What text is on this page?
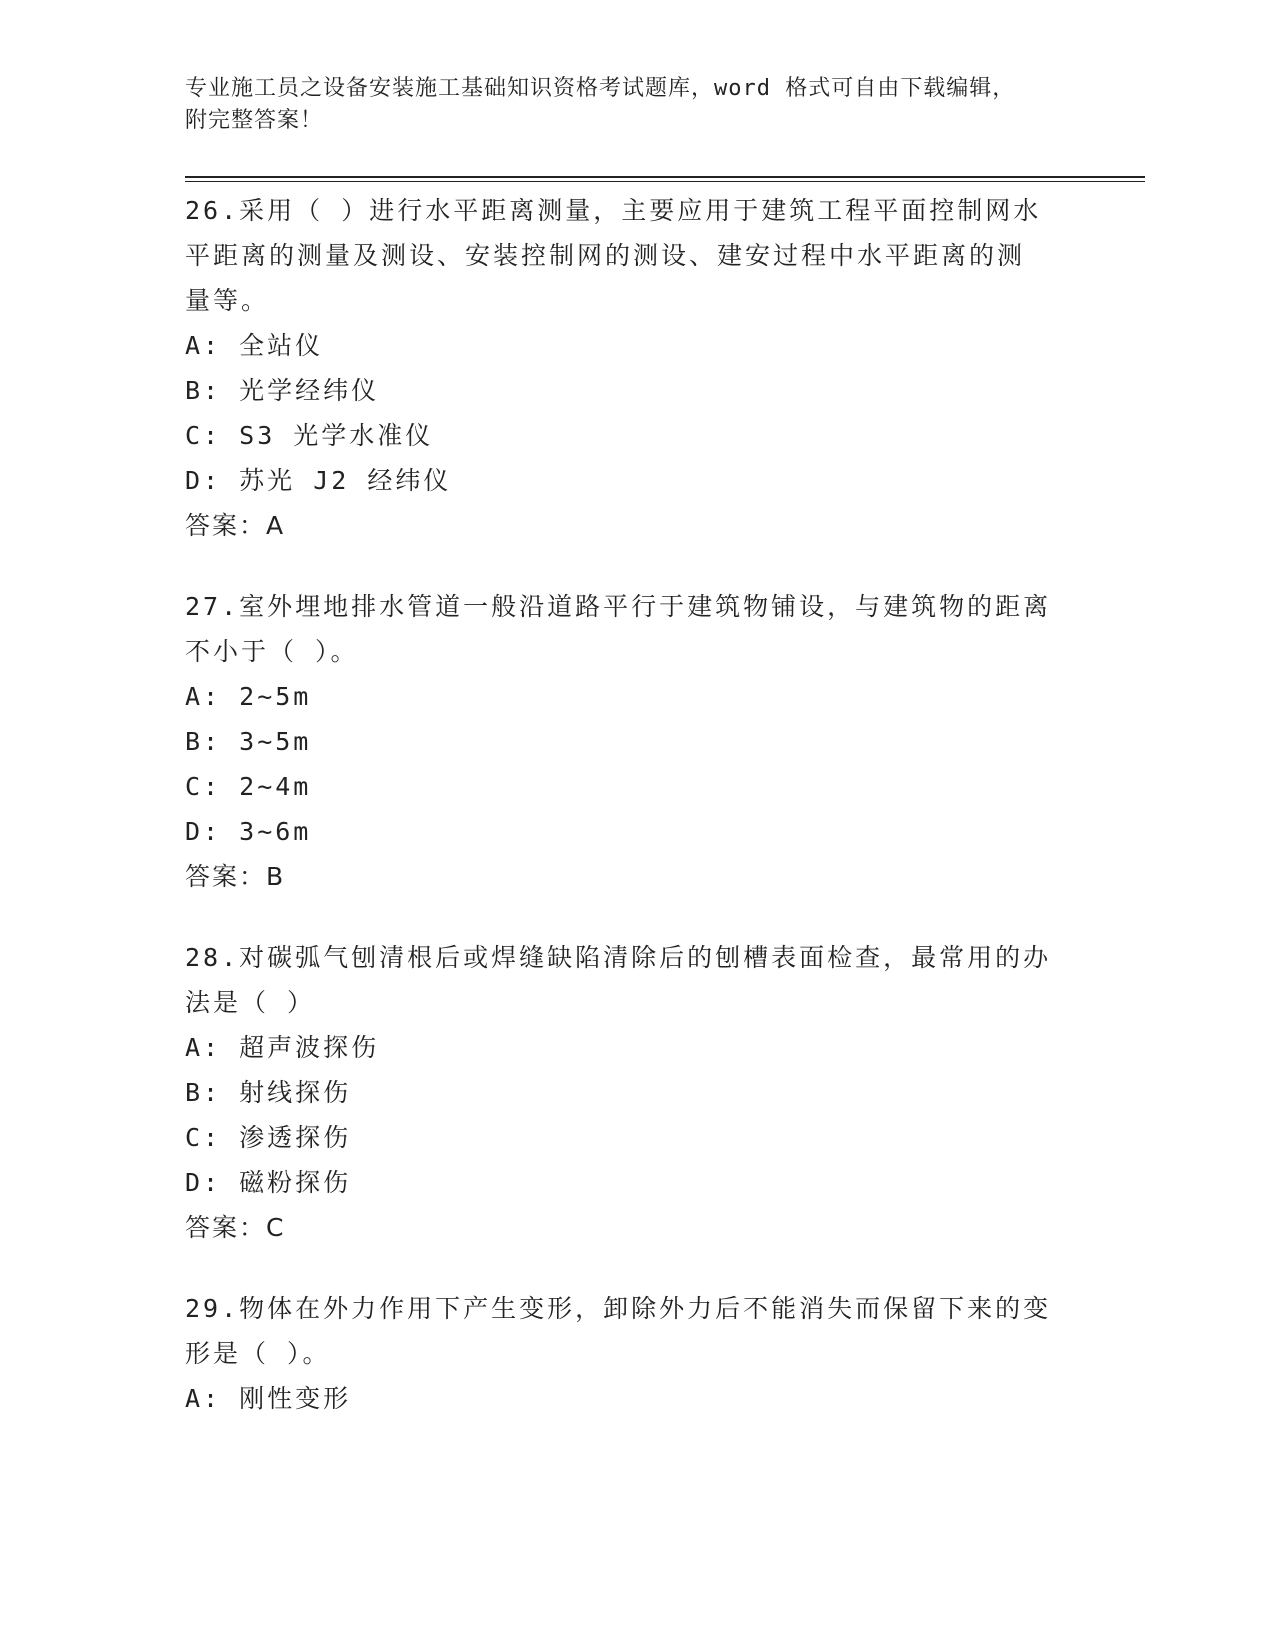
专业施工员之设备安装施工基础知识资格考试题库，word 格式可自由下载编辑，
附完整答案！
26.采用（ ）进行水平距离测量，主要应用于建筑工程平面控制网水
平距离的测量及测设、安装控制网的测设、建安过程中水平距离的测
量等。
A: 全站仪
B: 光学经纬仪
C: S3 光学水准仪
D: 苏光 J2 经纬仪
答案：A
27.室外埋地排水管道一般沿道路平行于建筑物铺设，与建筑物的距离
不小于（ ）。
A: 2~5m
B: 3~5m
C: 2~4m
D: 3~6m
答案：B
28.对碳弧气刨清根后或焊缝缺陷清除后的刨槽表面检查，最常用的办
法是（ ）
A: 超声波探伤
B: 射线探伤
C: 渗透探伤
D: 磁粉探伤
答案：C
29.物体在外力作用下产生变形，卸除外力后不能消失而保留下来的变
形是（ ）。
A: 刚性变形
